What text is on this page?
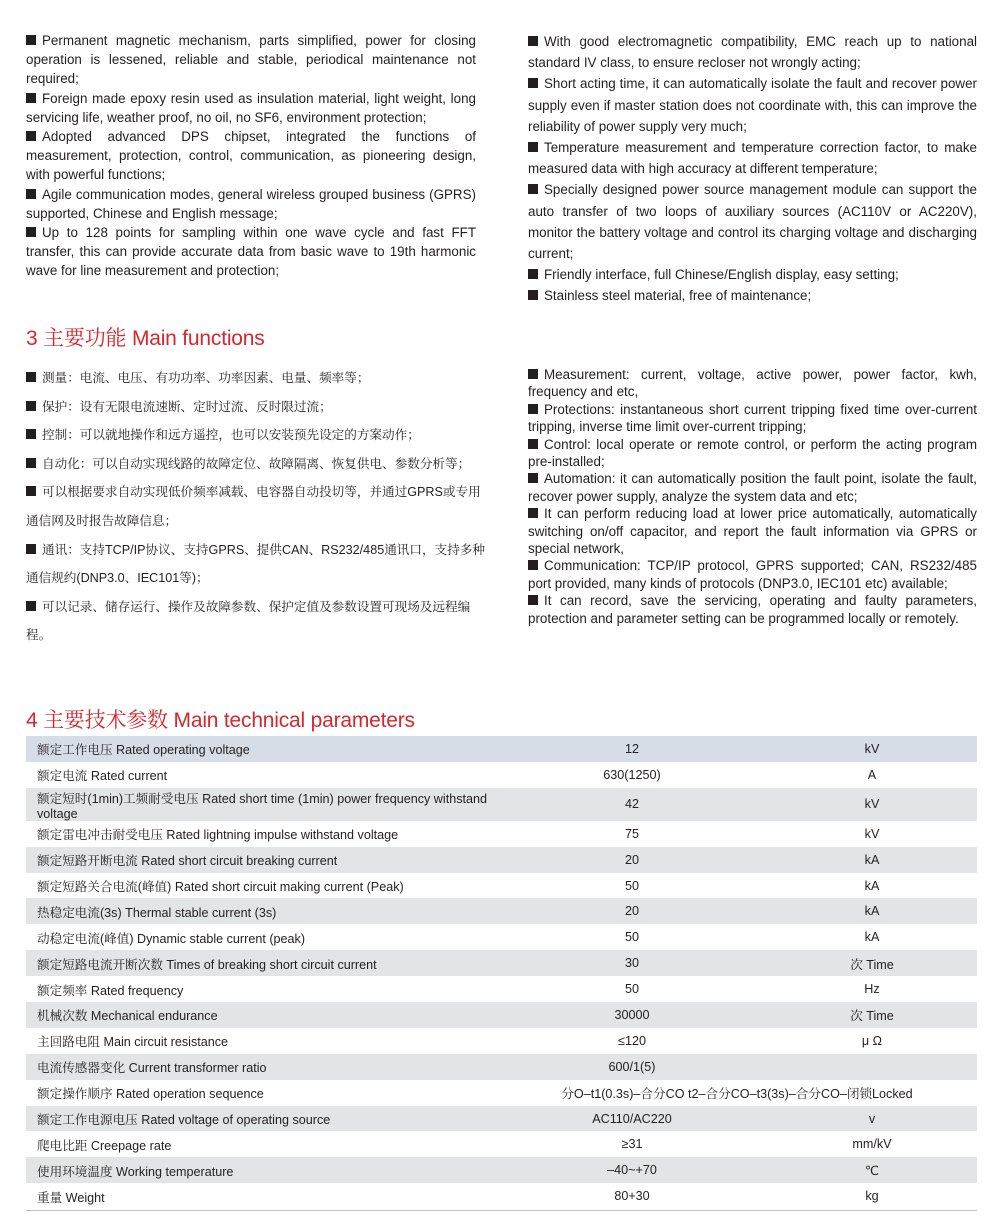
Permanent magnetic mechanism, parts simplified, power for closing operation is lessened, reliable and stable, periodical maintenance not required;

Foreign made epoxy resin used as insulation material, light weight, long servicing life, weather proof, no oil, no SF6, environment protection;

Adopted advanced DPS chipset, integrated the functions of measurement, protection, control, communication, as pioneering design, with powerful functions;

Agile communication modes, general wireless grouped business (GPRS) supported, Chinese and English message;

Up to 128 points for sampling within one wave cycle and fast FFT transfer, this can provide accurate data from basic wave to 19th harmonic wave for line measurement and protection;

With good electromagnetic compatibility, EMC reach up to national standard IV class, to ensure recloser not wrongly acting;

Short acting time, it can automatically isolate the fault and recover power supply even if master station does not coordinate with, this can improve the reliability of power supply very much;

Temperature measurement and temperature correction factor, to make measured data with high accuracy at different temperature;

Specially designed power source management module can support the auto transfer of two loops of auxiliary sources (AC110V or AC220V), monitor the battery voltage and control its charging voltage and discharging current;

Friendly interface, full Chinese/English display, easy setting;

Stainless steel material, free of maintenance;

3 主要功能 Main functions

测量：电流、电压、有功功率、功率因素、电量、频率等；

保护：设有无限电流速断、定时过流、反时限过流；

控制：可以就地操作和远方遥控，也可以安装预先设定的方案动作；

自动化：可以自动实现线路的故障定位、故障隔离、恢复供电、参数分析等；

可以根据要求自动实现低价频率减载、电容器自动投切等，并通过GPRS或专用通信网及时报告故障信息；

通讯：支持TCP/IP协议、支持GPRS、提供CAN、RS232/485通讯口，支持多种通信规约(DNP3.0、IEC101等)；

可以记录、储存运行、操作及故障参数、保护定值及参数设置可现场及远程编程。

Measurement: current, voltage, active power, power factor, kwh, frequency and etc,

Protections: instantaneous short current tripping fixed time over-current tripping, inverse time limit over-current tripping;

Control: local operate or remote control, or perform the acting program pre-installed;

Automation: it can automatically position the fault point, isolate the fault, recover power supply, analyze the system data and etc;

It can perform reducing load at lower price automatically, automatically switching on/off capacitor, and report the fault information via GPRS or special network,

Communication: TCP/IP protocol, GPRS supported; CAN, RS232/485 port provided, many kinds of protocols (DNP3.0, IEC101 etc) available;

It can record, save the servicing, operating and faulty parameters, protection and parameter setting can be programmed locally or remotely.

4 主要技术参数 Main technical parameters
额定工作电压 Rated operating voltage	12	kV
额定电流 Rated current	630(1250)	A
额定短时(1min)工频耐受电压 Rated short time (1min) power frequency withstand voltage	42	kV
额定雷电冲击耐受电压 Rated lightning impulse withstand voltage	75	kV
额定短路开断电流 Rated short circuit breaking current	20	kA
额定短路关合电流(峰值) Rated short circuit making current (Peak)	50	kA
热稳定电流(3s) Thermal stable current (3s)	20	kA
动稳定电流(峰值) Dynamic stable current (peak)	50	kA
额定短路电流开断次数 Times of breaking short circuit current	30	次 Time
额定频率 Rated frequency	50	Hz
机械次数 Mechanical endurance	30000	次 Time
主回路电阻 Main circuit resistance	≤120	μ Ω
电流传感器变化 Current transformer ratio	600/1(5)	
额定操作顺序 Rated operation sequence	分O–t1(0.3s)–合分CO t2–合分CO–t3(3s)–合分CO–闭锁Locked	
额定工作电源电压 Rated voltage of operating source	AC110/AC220	v
爬电比距 Creepage rate	≥31	mm/kV
使用环境温度 Working temperature	–40~+70	℃
重量 Weight	80+30	kg
